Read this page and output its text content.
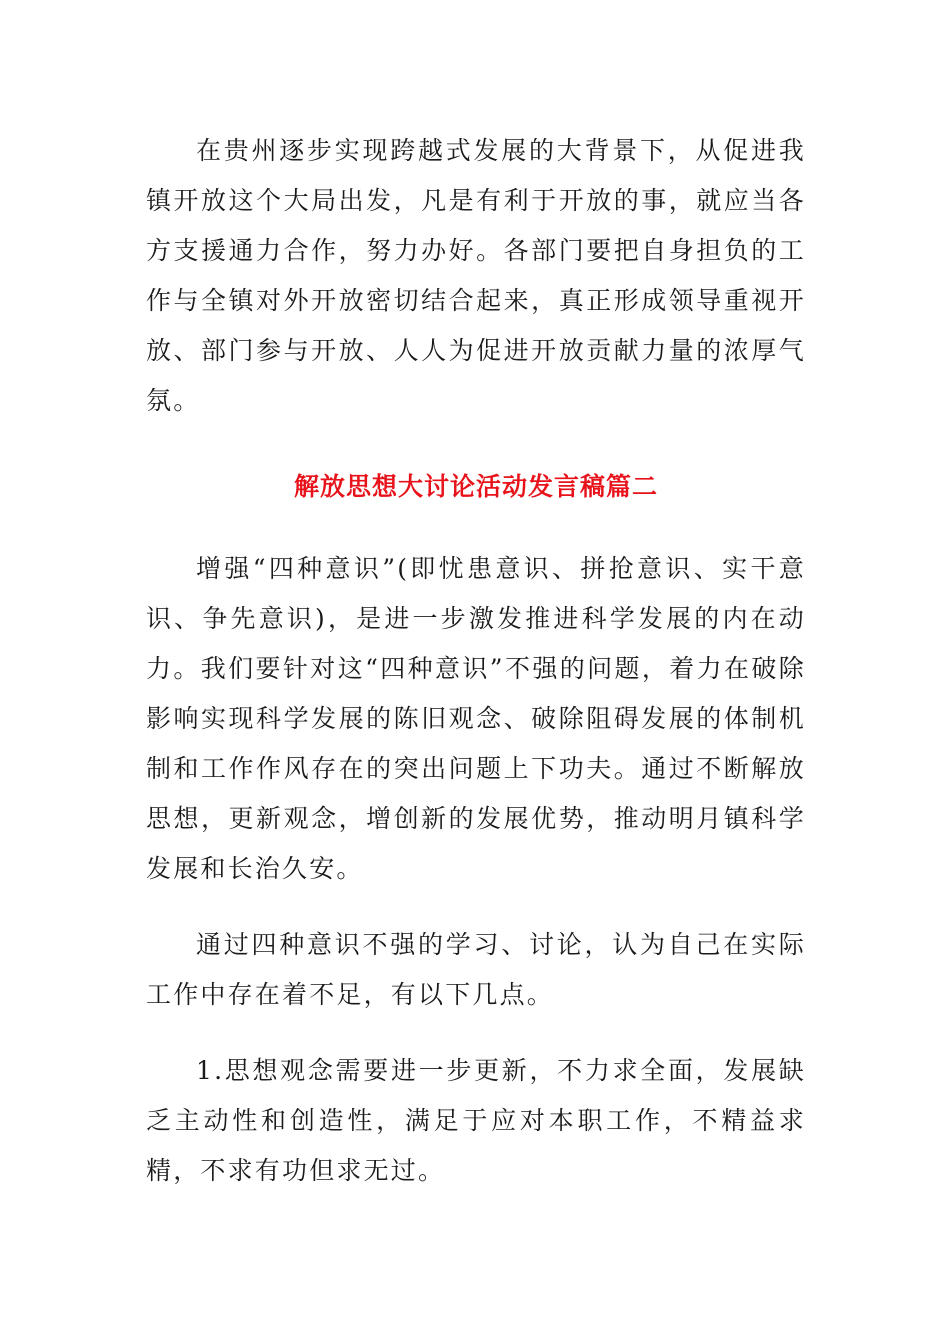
在贵州逐步实现跨越式发展的大背景下，从促进我镇开放这个大局出发，凡是有利于开放的事，就应当各方支援通力合作，努力办好。各部门要把自身担负的工作与全镇对外开放密切结合起来，真正形成领导重视开放、部门参与开放、人人为促进开放贡献力量的浓厚气氛。

解放思想大讨论活动发言稿篇二

增强“四种意识”(即忧患意识、拼抢意识、实干意识、争先意识)，是进一步激发推进科学发展的内在动力。我们要针对这“四种意识”不强的问题，着力在破除影响实现科学发展的陈旧观念、破除阻碍发展的体制机制和工作作风存在的突出问题上下功夫。通过不断解放思想，更新观念，增创新的发展优势，推动明月镇科学发展和长治久安。

通过四种意识不强的学习、讨论，认为自己在实际工作中存在着不足，有以下几点。

1.思想观念需要进一步更新，不力求全面，发展缺乏主动性和创造性，满足于应对本职工作，不精益求精，不求有功但求无过。
